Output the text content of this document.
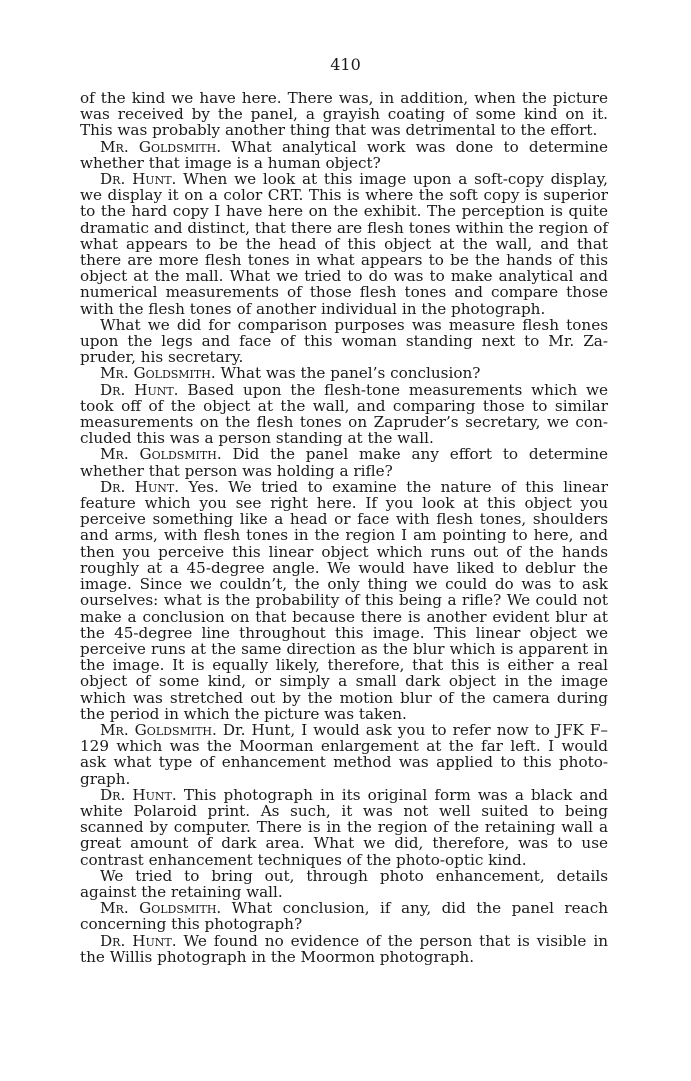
410

of the kind we have here. There was, in addition, when the picture was received by the panel, a grayish coating of some kind on it. This was probably another thing that was detrimental to the effort.

Mr. Goldsmith. What analytical work was done to determine whether that image is a human object?

Dr. Hunt. When we look at this image upon a soft-copy display, we display it on a color CRT. This is where the soft copy is superior to the hard copy I have here on the exhibit. The perception is quite dramatic and distinct, that there are flesh tones within the region of what appears to be the head of this object at the wall, and that there are more flesh tones in what appears to be the hands of this object at the mall. What we tried to do was to make analytical and numerical measurements of those flesh tones and compare those with the flesh tones of another individual in the photograph.

What we did for comparison purposes was measure flesh tones upon the legs and face of this woman standing next to Mr. Zapruder, his secretary.

Mr. Goldsmith. What was the panel’s conclusion?

Dr. Hunt. Based upon the flesh-tone measurements which we took off of the object at the wall, and comparing those to similar measurements on the flesh tones on Zapruder’s secretary, we concluded this was a person standing at the wall.

Mr. Goldsmith. Did the panel make any effort to determine whether that person was holding a rifle?

Dr. Hunt. Yes. We tried to examine the nature of this linear feature which you see right here. If you look at this object you perceive something like a head or face with flesh tones, shoulders and arms, with flesh tones in the region I am pointing to here, and then you perceive this linear object which runs out of the hands roughly at a 45-degree angle. We would have liked to deblur the image. Since we couldn’t, the only thing we could do was to ask ourselves: what is the probability of this being a rifle? We could not make a conclusion on that because there is another evident blur at the 45-degree line throughout this image. This linear object we perceive runs at the same direction as the blur which is apparent in the image. It is equally likely, therefore, that this is either a real object of some kind, or simply a small dark object in the image which was stretched out by the motion blur of the camera during the period in which the picture was taken.

Mr. Goldsmith. Dr. Hunt, I would ask you to refer now to JFK F–129 which was the Moorman enlargement at the far left. I would ask what type of enhancement method was applied to this photograph.

Dr. Hunt. This photograph in its original form was a black and white Polaroid print. As such, it was not well suited to being scanned by computer. There is in the region of the retaining wall a great amount of dark area. What we did, therefore, was to use contrast enhancement techniques of the photo-optic kind.

We tried to bring out, through photo enhancement, details against the retaining wall.

Mr. Goldsmith. What conclusion, if any, did the panel reach concerning this photograph?

Dr. Hunt. We found no evidence of the person that is visible in the Willis photograph in the Moormon photograph.
